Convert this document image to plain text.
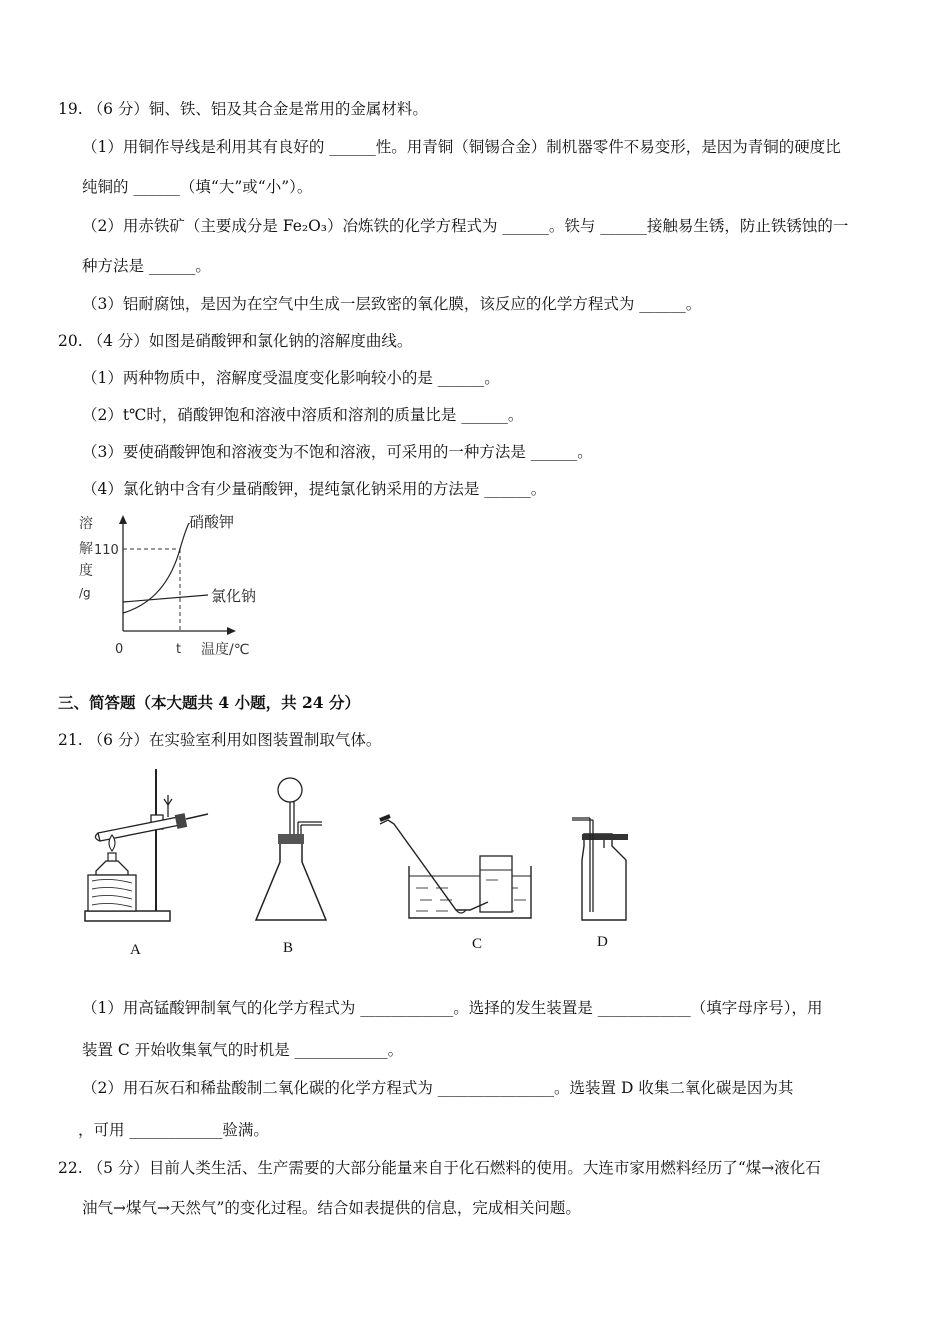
19. （6 分）铜、铁、铝及其合金是常用的金属材料。
（1）用铜作导线是利用其有良好的 ______性。用青铜（铜锡合金）制机器零件不易变形，是因为青铜的硬度比
纯铜的 ______（填“大”或“小”）。
（2）用赤铁矿（主要成分是 Fe₂O₃）冶炼铁的化学方程式为 ______。铁与 ______接触易生锈，防止铁锈蚀的一
种方法是 ______。
（3）铝耐腐蚀，是因为在空气中生成一层致密的氧化膜，该反应的化学方程式为 ______。
20. （4 分）如图是硝酸钾和氯化钠的溶解度曲线。
（1）两种物质中，溶解度受温度变化影响较小的是 ______。
（2）t℃时，硝酸钾饱和溶液中溶质和溶剂的质量比是 ______。
（3）要使硝酸钾饱和溶液变为不饱和溶液，可采用的一种方法是 ______。
（4）氯化钠中含有少量硝酸钾，提纯氯化钠采用的方法是 ______。
溶
解
度
/g
110
硝酸钾
氯化钠
0	t 温度/℃
三、简答题（本大题共 4 小题，共 24 分）
21. （6 分）在实验室利用如图装置制取气体。
A	B	C	D
（1）用高锰酸钾制氧气的化学方程式为 ____________。选择的发生装置是 ____________（填字母序号），用
装置 C 开始收集氧气的时机是 ____________。
（2）用石灰石和稀盐酸制二氧化碳的化学方程式为 _______________。选装置 D 收集二氧化碳是因为其
，可用 ____________验满。
22. （5 分）目前人类生活、生产需要的大部分能量来自于化石燃料的使用。大连市家用燃料经历了“煤→液化石
油气→煤气→天然气”的变化过程。结合如表提供的信息，完成相关问题。
